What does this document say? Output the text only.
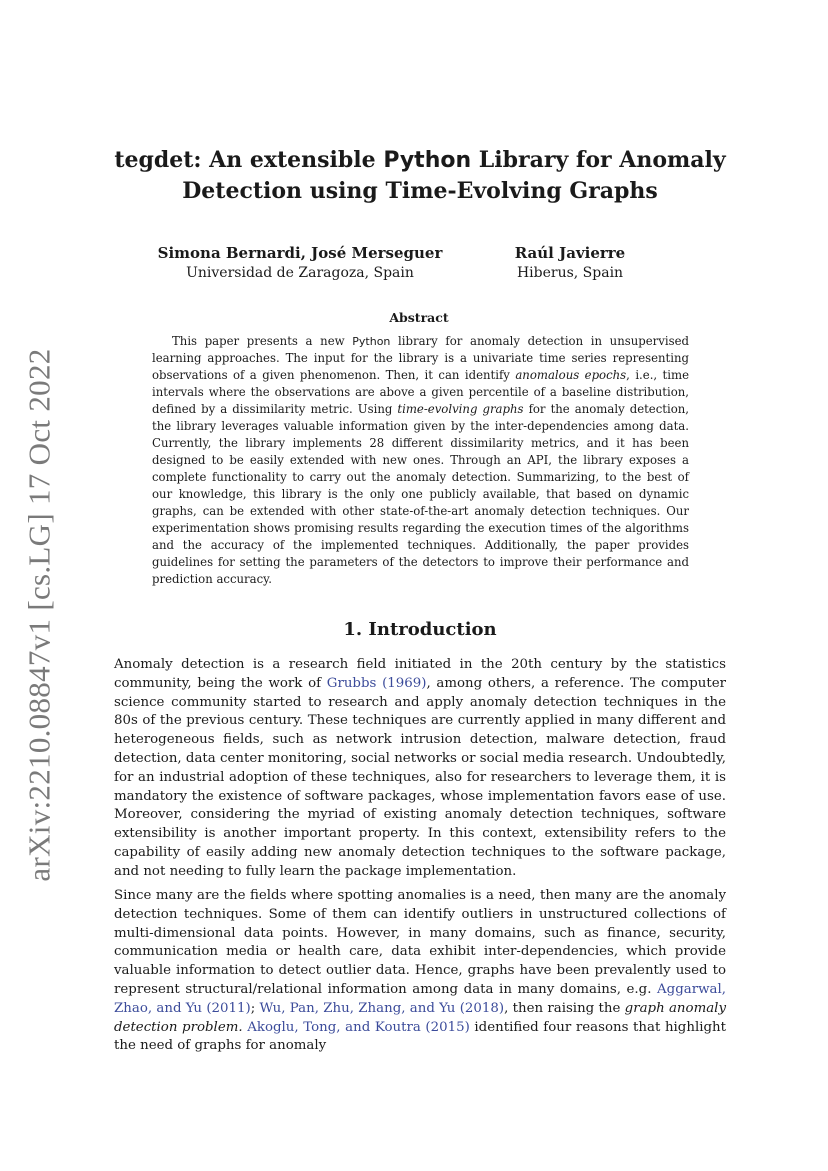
arXiv:2210.08847v1 [cs.LG] 17 Oct 2022
tegdet: An extensible Python Library for Anomaly
Detection using Time-Evolving Graphs
Simona Bernardi, José Merseguer
Universidad de Zaragoza, Spain
Raúl Javierre
Hiberus, Spain
Abstract

This paper presents a new Python library for anomaly detection in unsupervised learning approaches. The input for the library is a univariate time series representing observations of a given phenomenon. Then, it can identify anomalous epochs, i.e., time intervals where the observations are above a given percentile of a baseline distribution, defined by a dissimilarity metric. Using time-evolving graphs for the anomaly detection, the library leverages valuable information given by the inter-dependencies among data. Currently, the library implements 28 different dissimilarity metrics, and it has been designed to be easily extended with new ones. Through an API, the library exposes a complete functionality to carry out the anomaly detection. Summarizing, to the best of our knowledge, this library is the only one publicly available, that based on dynamic graphs, can be extended with other state-of-the-art anomaly detection techniques. Our experimentation shows promising results regarding the execution times of the algorithms and the accuracy of the implemented techniques. Additionally, the paper provides guidelines for setting the parameters of the detectors to improve their performance and prediction accuracy.

1. Introduction

Anomaly detection is a research field initiated in the 20th century by the statistics community, being the work of Grubbs (1969), among others, a reference. The computer science community started to research and apply anomaly detection techniques in the 80s of the previous century. These techniques are currently applied in many different and heterogeneous fields, such as network intrusion detection, malware detection, fraud detection, data center monitoring, social networks or social media research. Undoubtedly, for an industrial adoption of these techniques, also for researchers to leverage them, it is mandatory the existence of software packages, whose implementation favors ease of use. Moreover, considering the myriad of existing anomaly detection techniques, software extensibility is another important property. In this context, extensibility refers to the capability of easily adding new anomaly detection techniques to the software package, and not needing to fully learn the package implementation.

Since many are the fields where spotting anomalies is a need, then many are the anomaly detection techniques. Some of them can identify outliers in unstructured collections of multi-dimensional data points. However, in many domains, such as finance, security, communication media or health care, data exhibit inter-dependencies, which provide valuable information to detect outlier data. Hence, graphs have been prevalently used to represent structural/relational information among data in many domains, e.g. Aggarwal, Zhao, and Yu (2011); Wu, Pan, Zhu, Zhang, and Yu (2018), then raising the graph anomaly detection problem. Akoglu, Tong, and Koutra (2015) identified four reasons that highlight the need of graphs for anomaly
